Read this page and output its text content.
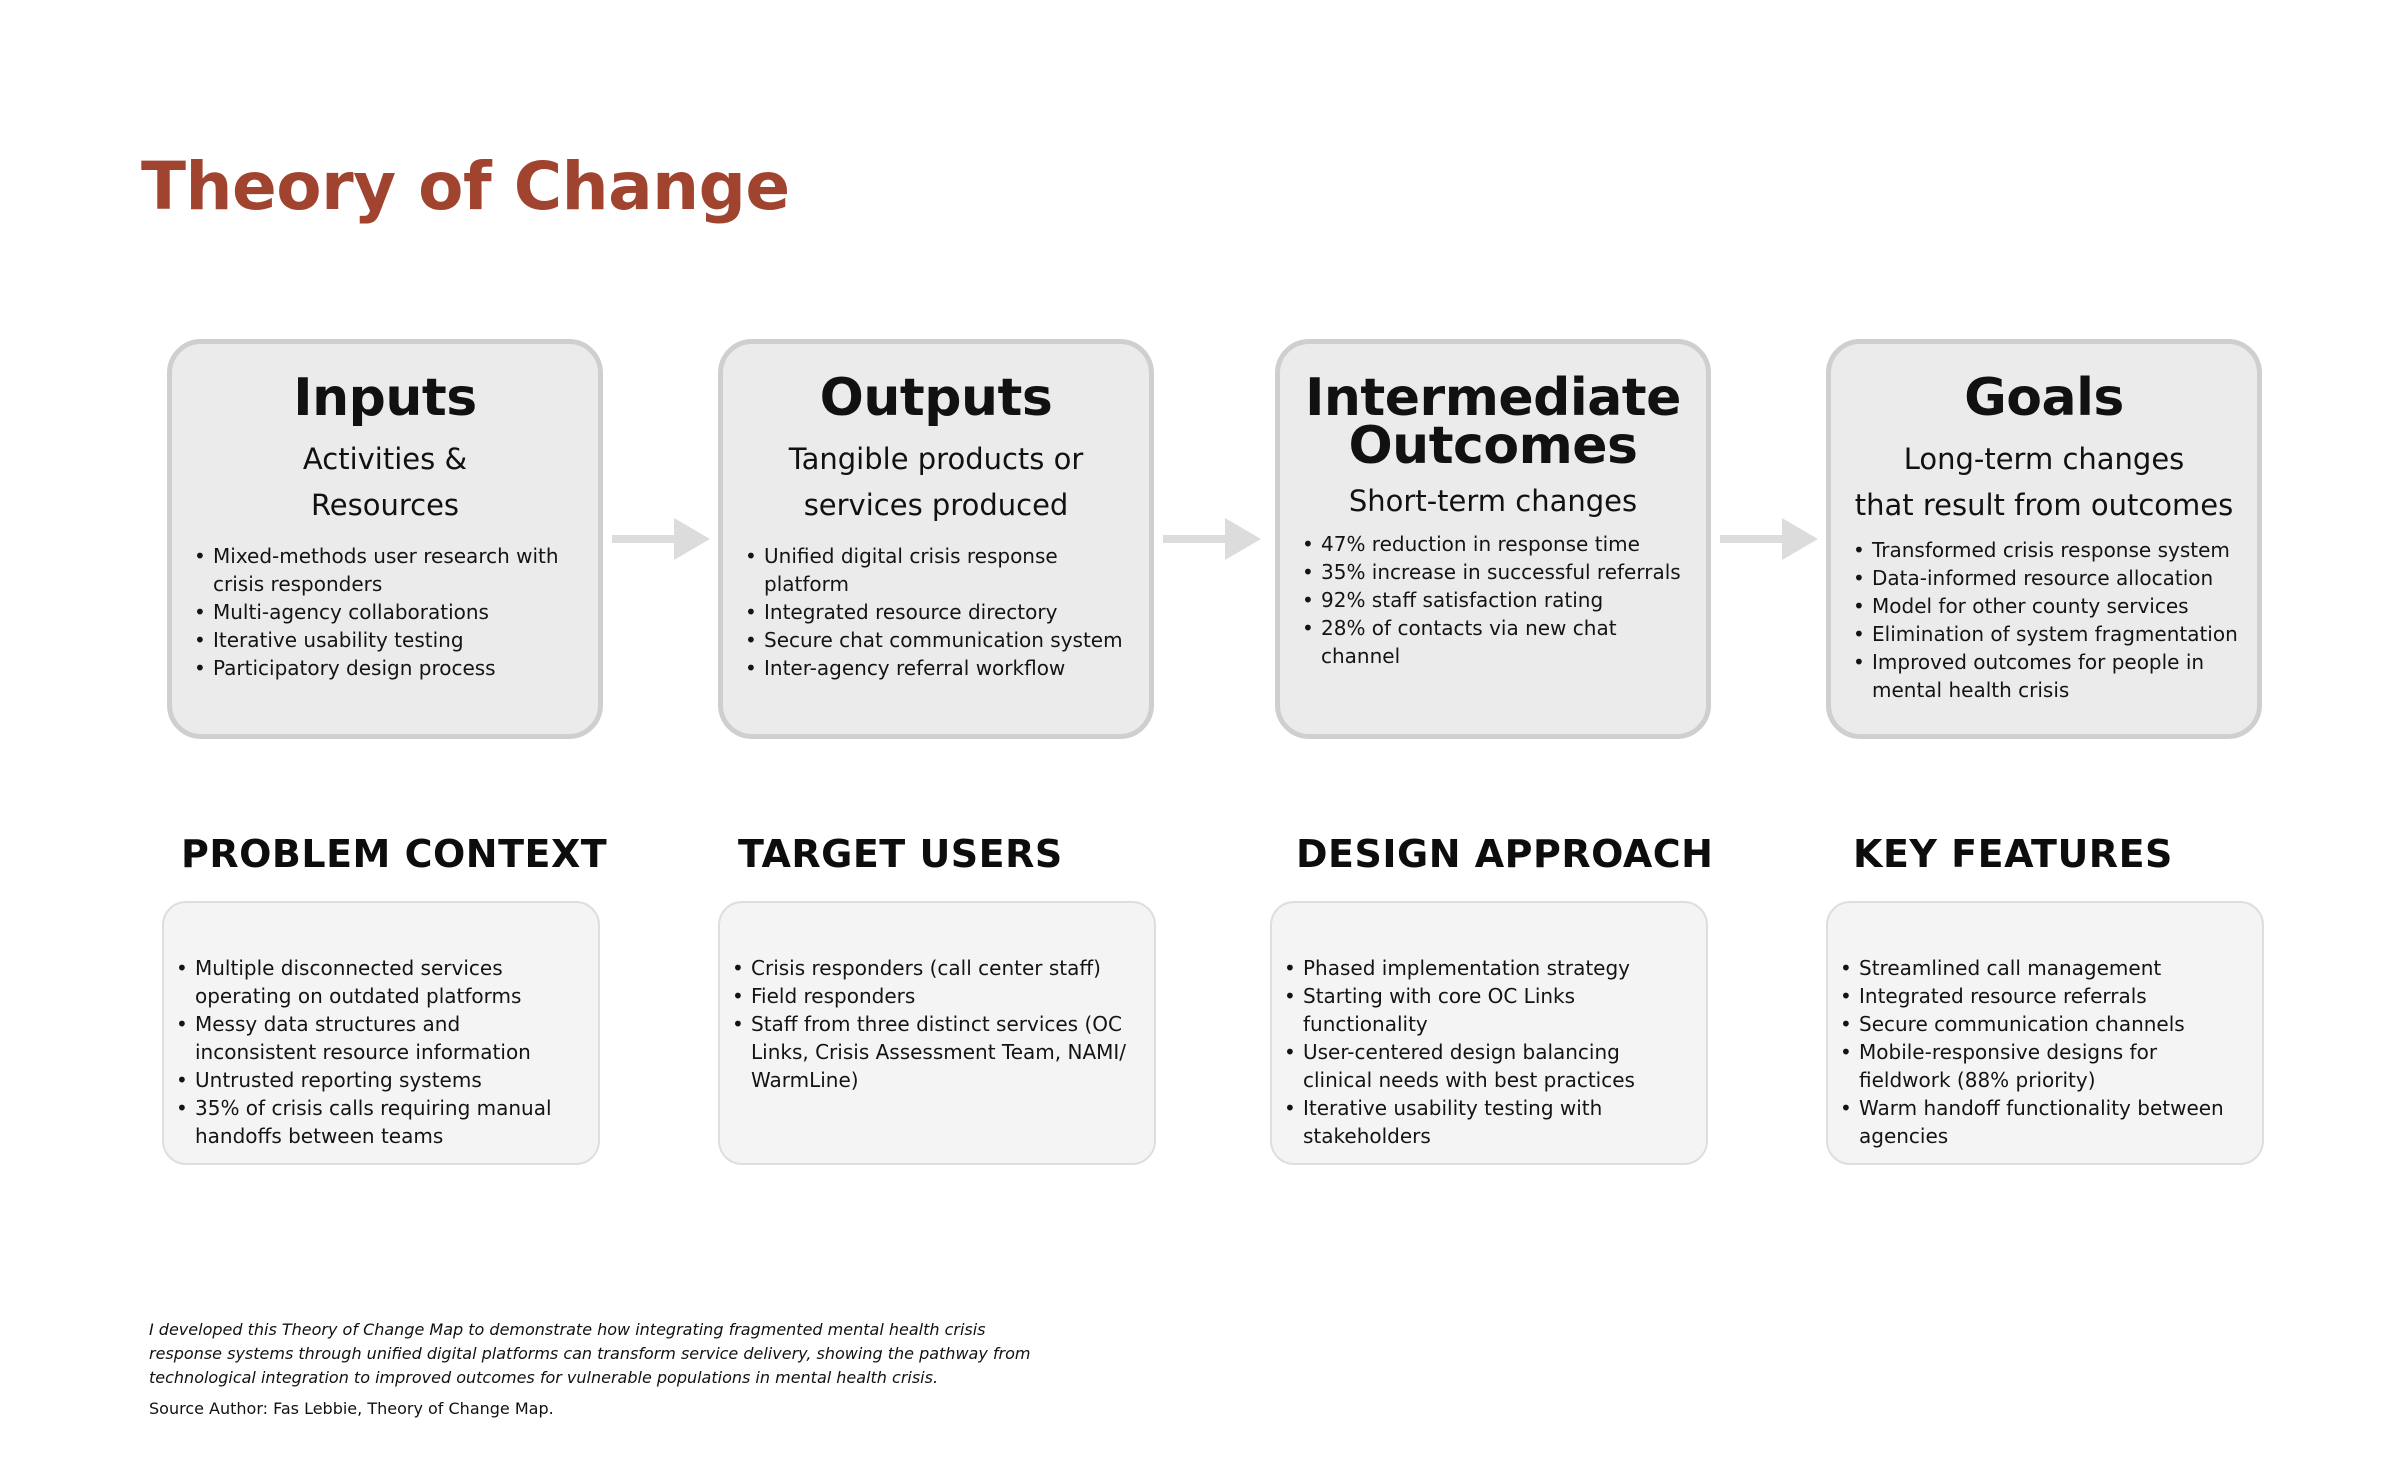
Theory of Change
Inputs

Activities &
Resources

• Mixed-methods user research with crisis responders
• Multi-agency collaborations
• Iterative usability testing
• Participatory design process
Outputs

Tangible products or
services produced

• Unified digital crisis response platform
• Integrated resource directory
• Secure chat communication system
• Inter-agency referral workflow
Intermediate
Outcomes

Short-term changes

• 47% reduction in response time
• 35% increase in successful referrals
• 92% staff satisfaction rating
• 28% of contacts via new chat channel
Goals

Long-term changes
that result from outcomes

• Transformed crisis response system
• Data-informed resource allocation
• Model for other county services
• Elimination of system fragmentation
• Improved outcomes for people in mental health crisis
PROBLEM CONTEXT
• Multiple disconnected services operating on outdated platforms
• Messy data structures and inconsistent resource information
• Untrusted reporting systems
• 35% of crisis calls requiring manual handoffs between teams
TARGET USERS
• Crisis responders (call center staff)
• Field responders
• Staff from three distinct services (OC Links, Crisis Assessment Team, NAMI/ WarmLine)
DESIGN APPROACH
• Phased implementation strategy
• Starting with core OC Links functionality
• User-centered design balancing clinical needs with best practices
• Iterative usability testing with stakeholders
KEY FEATURES
• Streamlined call management
• Integrated resource referrals
• Secure communication channels
• Mobile-responsive designs for fieldwork (88% priority)
• Warm handoff functionality between agencies

I developed this Theory of Change Map to demonstrate how integrating fragmented mental health crisis response systems through unified digital platforms can transform service delivery, showing the pathway from technological integration to improved outcomes for vulnerable populations in mental health crisis.

Source Author: Fas Lebbie, Theory of Change Map.
